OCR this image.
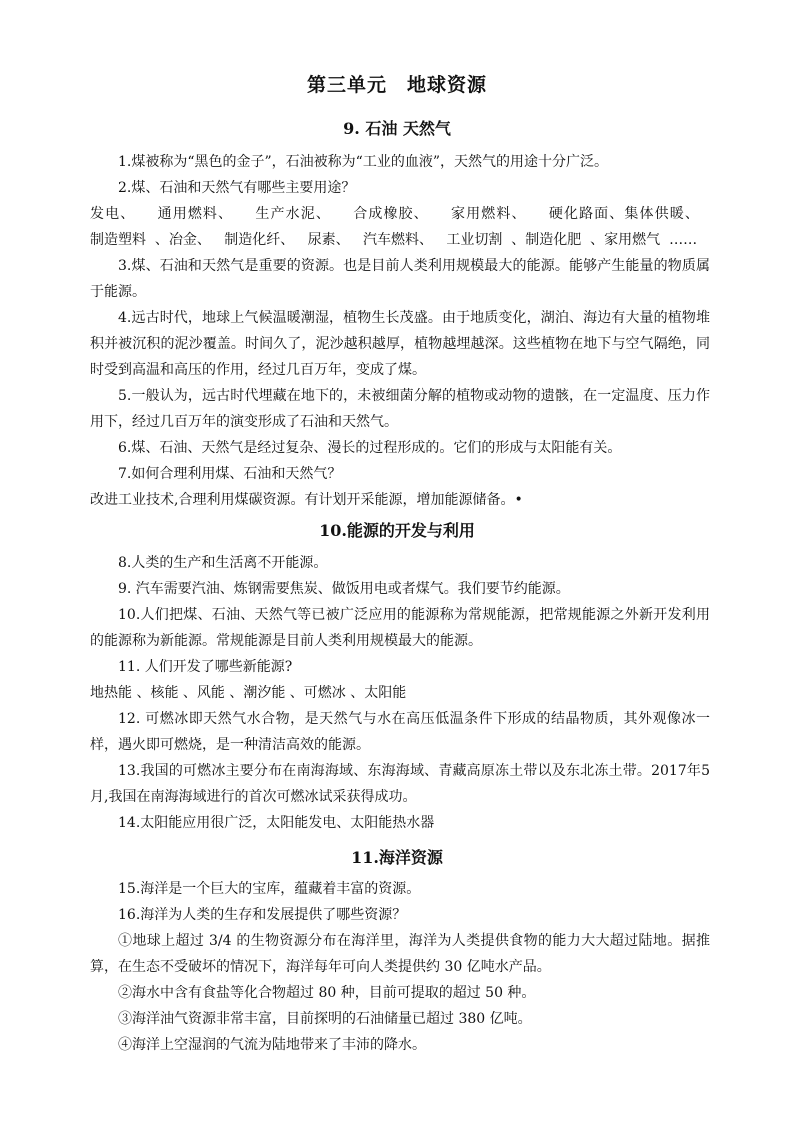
第三单元　地球资源
9. 石油 天然气

1.煤被称为“黑色的金子”，石油被称为“工业的血液”，天然气的用途十分广泛。

2.煤、石油和天然气有哪些主要用途？

发电、 通用燃料、 生产水泥、 合成橡胶、 家用燃料、 硬化路面、集体供暖、   制造塑料 、冶金、 制造化纤、 尿素、 汽车燃料、 工业切割 、制造化肥 、家用燃气 ……

3.煤、石油和天然气是重要的资源。也是目前人类利用规模最大的能源。能够产生能量的物质属于能源。

4.远古时代，地球上气候温暖潮湿，植物生长茂盛。由于地质变化，湖泊、海边有大量的植物堆积并被沉积的泥沙覆盖。时间久了，泥沙越积越厚，植物越埋越深。这些植物在地下与空气隔绝，同时受到高温和高压的作用，经过几百万年，变成了煤。

5.一般认为，远古时代埋藏在地下的，未被细菌分解的植物或动物的遗骸，在一定温度、压力作用下，经过几百万年的演变形成了石油和天然气。

6.煤、石油、天然气是经过复杂、漫长的过程形成的。它们的形成与太阳能有关。

7.如何合理利用煤、石油和天然气？

改进工业技术,合理利用煤碳资源。有计划开采能源，增加能源储备。•

10.能源的开发与利用

8.人类的生产和生活离不开能源。

9. 汽车需要汽油、炼钢需要焦炭、做饭用电或者煤气。我们要节约能源。

10.人们把煤、石油、天然气等已被广泛应用的能源称为常规能源，把常规能源之外新开发利用的能源称为新能源。常规能源是目前人类利用规模最大的能源。

11. 人们开发了哪些新能源?

地热能 、核能 、风能 、潮汐能 、可燃冰 、太阳能

12. 可燃冰即天然气水合物，是天然气与水在高压低温条件下形成的结晶物质，其外观像冰一样，遇火即可燃烧，是一种清洁高效的能源。

13.我国的可燃冰主要分布在南海海域、东海海域、青藏高原冻土带以及东北冻土带。2017年5月,我国在南海海域进行的首次可燃冰试采获得成功。

14.太阳能应用很广泛，太阳能发电、太阳能热水器

11.海洋资源

15.海洋是一个巨大的宝库，蕴藏着丰富的资源。

16.海洋为人类的生存和发展提供了哪些资源？

①地球上超过 3/4 的生物资源分布在海洋里，海洋为人类提供食物的能力大大超过陆地。据推算，在生态不受破坏的情况下，海洋每年可向人类提供约 30 亿吨水产品。

②海水中含有食盐等化合物超过 80 种，目前可提取的超过 50 种。

③海洋油气资源非常丰富，目前探明的石油储量已超过 380 亿吨。

④海洋上空湿润的气流为陆地带来了丰沛的降水。
